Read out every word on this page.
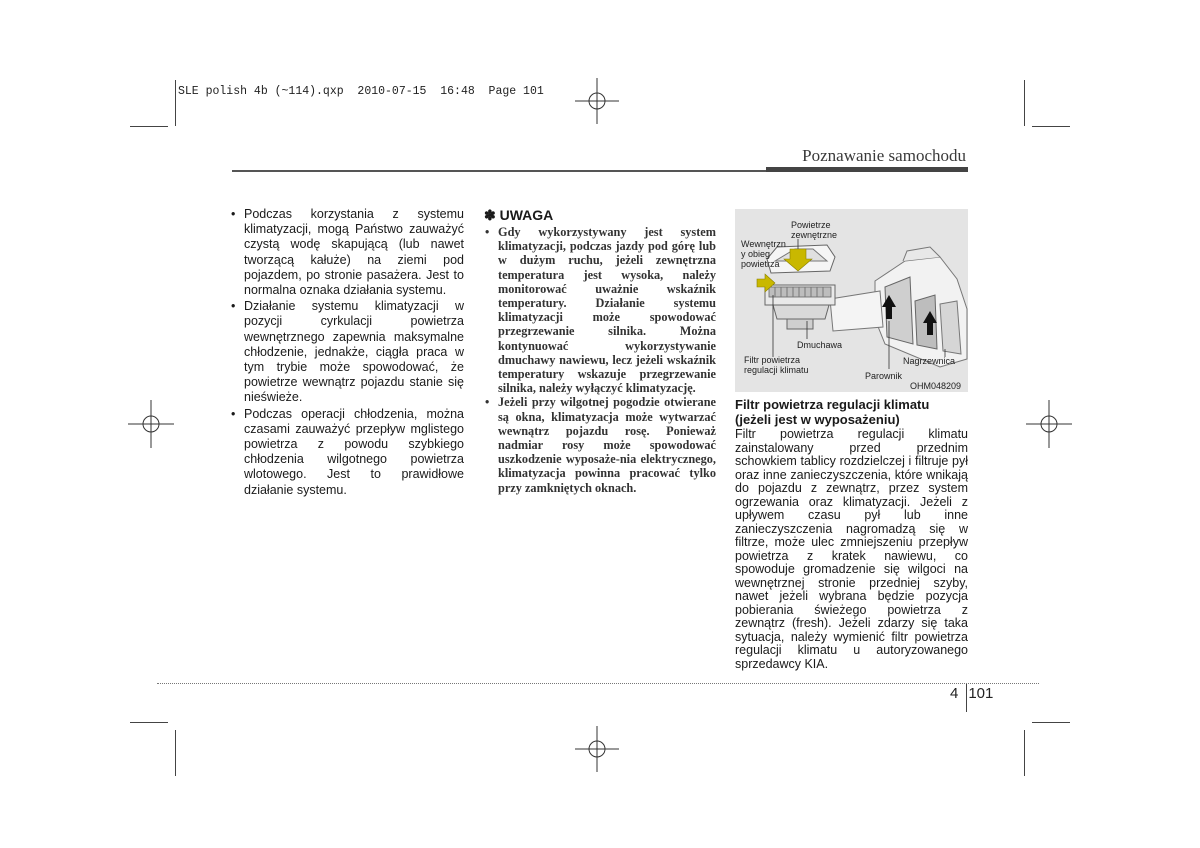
SLE polish 4b (~114).qxp  2010-07-15  16:48  Page 101
Poznawanie samochodu
• Podczas korzystania z systemu klimatyzacji, mogą Państwo zauważyć czystą wodę skapującą (lub nawet tworzącą kałuże) na ziemi pod pojazdem, po stronie pasażera. Jest to normalna oznaka działania systemu.
• Działanie systemu klimatyzacji w pozycji cyrkulacji powietrza wewnętrznego zapewnia maksymalne chłodzenie, jednakże, ciągła praca w tym trybie może spowodować, że powietrze wewnątrz pojazdu stanie się nieświeże.
• Podczas operacji chłodzenia, można czasami zauważyć przepływ mglistego powietrza z powodu szybkiego chłodzenia wilgotnego powietrza wlotowego. Jest to prawidłowe działanie systemu.
✽ UWAGA
• Gdy wykorzystywany jest system klimatyzacji, podczas jazdy pod górę lub w dużym ruchu, jeżeli zewnętrzna temperatura jest wysoka, należy monitorować uważnie wskaźnik temperatury. Działanie systemu klimatyzacji może spowodować przegrzewanie silnika. Można kontynuować wykorzystywanie dmuchawy nawiewu, lecz jeżeli wskaźnik temperatury wskazuje przegrzewanie silnika, należy wyłączyć klimatyzację.
• Jeżeli przy wilgotnej pogodzie otwierane są okna, klimatyzacja może wytwarzać wewnątrz pojazdu rosę. Ponieważ nadmiar rosy może spowodować uszkodzenie wyposaże-nia elektrycznego, klimatyzacja powinna pracować tylko przy zamkniętych oknach.
Powietrze
zewnętrzne
Wewnętrzn
y obieg
powietrza
Dmuchawa
Filtr powietrza
regulacji klimatu
Nagrzewnica
Parownik
OHM048209

Filtr powietrza regulacji klimatu (jeżeli jest w wyposażeniu)

Filtr powietrza regulacji klimatu zainstalowany przed przednim schowkiem tablicy rozdzielczej i filtruje pył oraz inne zanieczyszczenia, które wnikają do pojazdu z zewnątrz, przez system ogrzewania oraz klimatyzacji. Jeżeli z upływem czasu pył lub inne zanieczyszczenia nagromadzą się w filtrze, może ulec zmniejszeniu przepływ powietrza z kratek nawiewu, co spowoduje gromadzenie się wilgoci na wewnętrznej stronie przedniej szyby, nawet jeżeli wybrana będzie pozycja pobierania świeżego powietrza z zewnątrz (fresh). Jeżeli zdarzy się taka sytuacja, należy wymienić filtr powietrza regulacji klimatu u autoryzowanego sprzedawcy KIA.

4 101
